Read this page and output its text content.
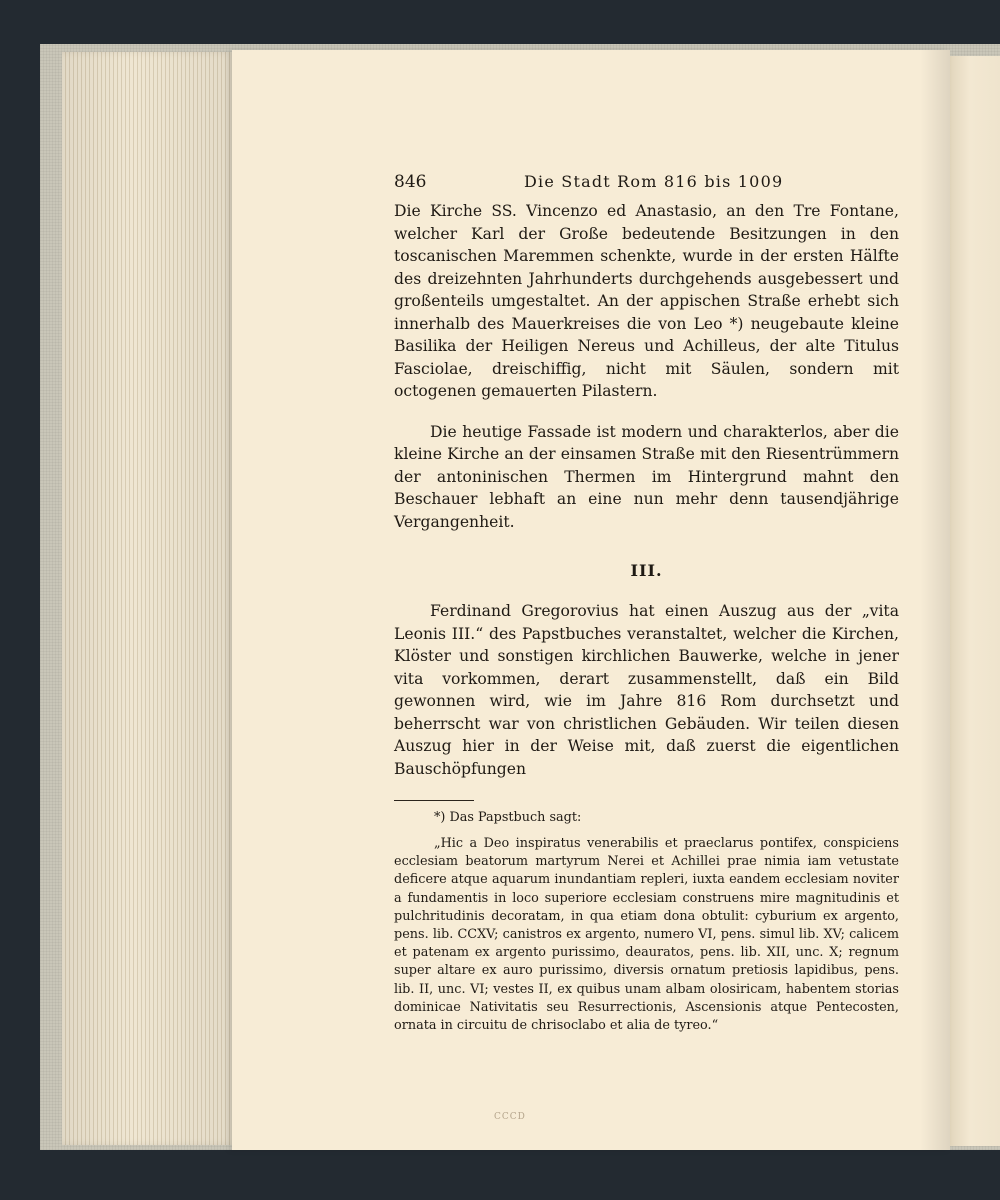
846	Die Stadt Rom 816 bis 1009

Die Kirche SS. Vincenzo ed Anastasio, an den Tre Fontane, welcher Karl der Große bedeutende Besitzungen in den toscanischen Maremmen schenkte, wurde in der ersten Hälfte des dreizehnten Jahrhunderts durchgehends ausgebessert und großenteils umgestaltet. An der appischen Straße erhebt sich innerhalb des Mauerkreises die von Leo *) neugebaute kleine Basilika der Heiligen Nereus und Achilleus, der alte Titulus Fasciolae, dreischiffig, nicht mit Säulen, sondern mit octogenen gemauerten Pilastern.

Die heutige Fassade ist modern und charakterlos, aber die kleine Kirche an der einsamen Straße mit den Riesentrümmern der antoninischen Thermen im Hintergrund mahnt den Beschauer lebhaft an eine nun mehr denn tausendjährige Vergangenheit.

III.

Ferdinand Gregorovius hat einen Auszug aus der „vita Leonis III.“ des Papstbuches veranstaltet, welcher die Kirchen, Klöster und sonstigen kirchlichen Bauwerke, welche in jener vita vorkommen, derart zusammenstellt, daß ein Bild gewonnen wird, wie im Jahre 816 Rom durchsetzt und beherrscht war von christlichen Gebäuden. Wir teilen diesen Auszug hier in der Weise mit, daß zuerst die eigentlichen Bauschöpfungen

*) Das Papstbuch sagt:

„Hic a Deo inspiratus venerabilis et praeclarus pontifex, conspiciens ecclesiam beatorum martyrum Nerei et Achillei prae nimia iam vetustate deficere atque aquarum inundantiam repleri, iuxta eandem ecclesiam noviter a fundamentis in loco superiore ecclesiam construens mire magnitudinis et pulchritudinis decoratam, in qua etiam dona obtulit: cyburium ex argento, pens. lib. CCXV; canistros ex argento, numero VI, pens. simul lib. XV; calicem et patenam ex argento purissimo, deauratos, pens. lib. XII, unc. X; regnum super altare ex auro purissimo, diversis ornatum pretiosis lapidibus, pens. lib. II, unc. VI; vestes II, ex quibus unam albam olosiricam, habentem storias dominicae Nativitatis seu Resurrectionis, Ascensionis atque Pentecosten, ornata in circuitu de chrisoclabo et alia de tyreo.“

CCCD
